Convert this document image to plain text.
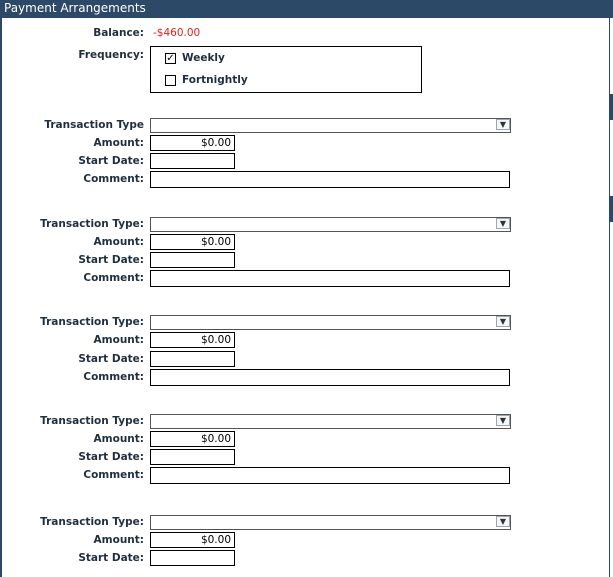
Payment Arrangements
Balance: -$460.00
Frequency: ✓ Weekly
Fortnightly
Transaction Type	▼
Amount:	$0.00
Start Date:
Comment:
Transaction Type:	▼
Amount:	$0.00
Start Date:
Comment:
Transaction Type:	▼
Amount:	$0.00
Start Date:
Comment:
Transaction Type:	▼
Amount:	$0.00
Start Date:
Comment:
Transaction Type:	▼
Amount:	$0.00
Start Date:
